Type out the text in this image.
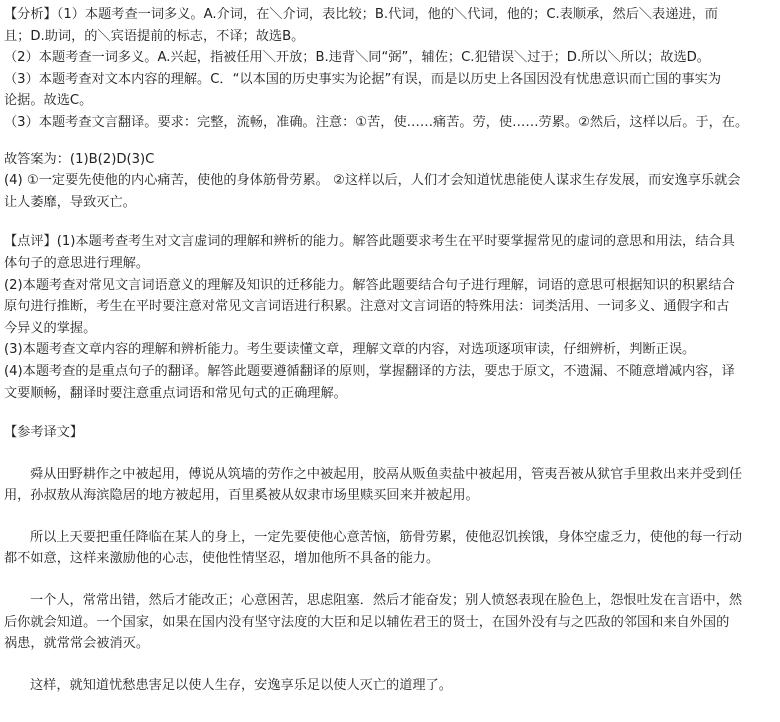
【分析】（1）本题考查一词多义。A.介词，在＼介词，表比较；B.代词，他的＼代词，他的；C.表顺承，然后＼表递进，而
且；D.助词，的＼宾语提前的标志，不译；故选B。
（2）本题考查一词多义。A.兴起，指被任用＼开放；B.违背＼同“弼”，辅佐；C.犯错误＼过于；D.所以＼所以；故选D。
（3）本题考查对文本内容的理解。C．“以本国的历史事实为论据”有误，而是以历史上各国因没有忧患意识而亡国的事实为
论据。故选C。
（3）本题考查文言翻译。要求：完整，流畅，准确。注意：①苦，使……痛苦。劳，使……劳累。②然后，这样以后。于，在。
故答案为：(1)B(2)D(3)C
(4) ①一定要先使他的内心痛苦，使他的身体筋骨劳累。 ②这样以后，人们才会知道忧患能使人谋求生存发展，而安逸享乐就会
让人萎靡，导致灭亡。
【点评】(1)本题考查考生对文言虚词的理解和辨析的能力。解答此题要求考生在平时要掌握常见的虚词的意思和用法，结合具
体句子的意思进行理解。
(2)本题考查对常见文言词语意义的理解及知识的迁移能力。解答此题要结合句子进行理解，词语的意思可根据知识的积累结合
原句进行推断，考生在平时要注意对常见文言词语进行积累。注意对文言词语的特殊用法：词类活用、一词多义、通假字和古
今异义的掌握。
(3)本题考查文章内容的理解和辨析能力。考生要读懂文章，理解文章的内容，对选项逐项审读，仔细辨析，判断正误。
(4)本题考查的是重点句子的翻译。解答此题要遵循翻译的原则，掌握翻译的方法，要忠于原文，不遗漏、不随意增减内容，译
文要顺畅，翻译时要注意重点词语和常见句式的正确理解。
【参考译文】
舜从田野耕作之中被起用，傅说从筑墙的劳作之中被起用，胶鬲从贩鱼卖盐中被起用，管夷吾被从狱官手里救出来并受到任
用，孙叔敖从海滨隐居的地方被起用，百里奚被从奴隶市场里赎买回来并被起用。
所以上天要把重任降临在某人的身上，一定先要使他心意苦恼，筋骨劳累，使他忍饥挨饿，身体空虚乏力，使他的每一行动
都不如意，这样来激励他的心志，使他性情坚忍，增加他所不具备的能力。
一个人，常常出错，然后才能改正；心意困苦，思虑阻塞．然后才能奋发；别人愤怒表现在脸色上，怨恨吐发在言语中，然
后你就会知道。一个国家，如果在国内没有坚守法度的大臣和足以辅佐君王的贤士，在国外没有与之匹敌的邻国和来自外国的
祸患，就常常会被消灭。
这样，就知道忧愁患害足以使人生存，安逸享乐足以使人灭亡的道理了。
